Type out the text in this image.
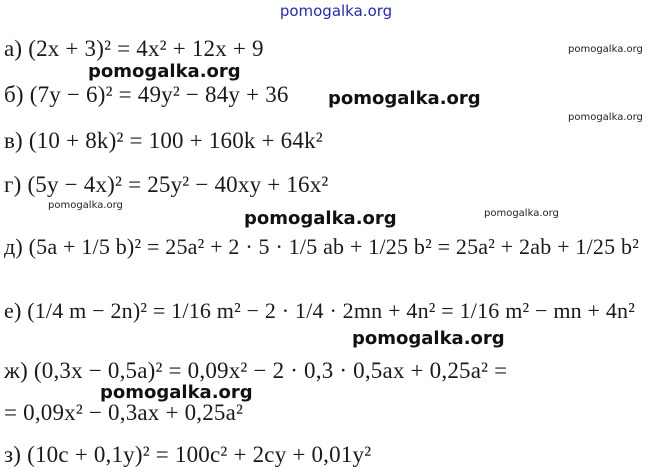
pomogalka.org
а) (2x + 3)² = 4x² + 12x + 9	pomogalka.org
pomogalka.org
б) (7y − 6)² = 49y² − 84y + 36 pomogalka.org
pomogalka.org
в) (10 + 8k)² = 100 + 160k + 64k²
г) (5y − 4x)² = 25y² − 40xy + 16x²
pomogalka.org
pomogalka.org
pomogalka.org
д) (5a + 1/5 b)² = 25a² + 2 · 5 · 1/5 ab + 1/25 b² = 25a² + 2ab + 1/25 b²
е) (1/4 m − 2n)² = 1/16 m² − 2 · 1/4 · 2mn + 4n² = 1/16 m² − mn + 4n²
pomogalka.org
ж) (0,3x − 0,5a)² = 0,09x² − 2 · 0,3 · 0,5ax + 0,25a² =
pomogalka.org
= 0,09x² − 0,3ax + 0,25a²
з) (10c + 0,1y)² = 100c² + 2cy + 0,01y²
